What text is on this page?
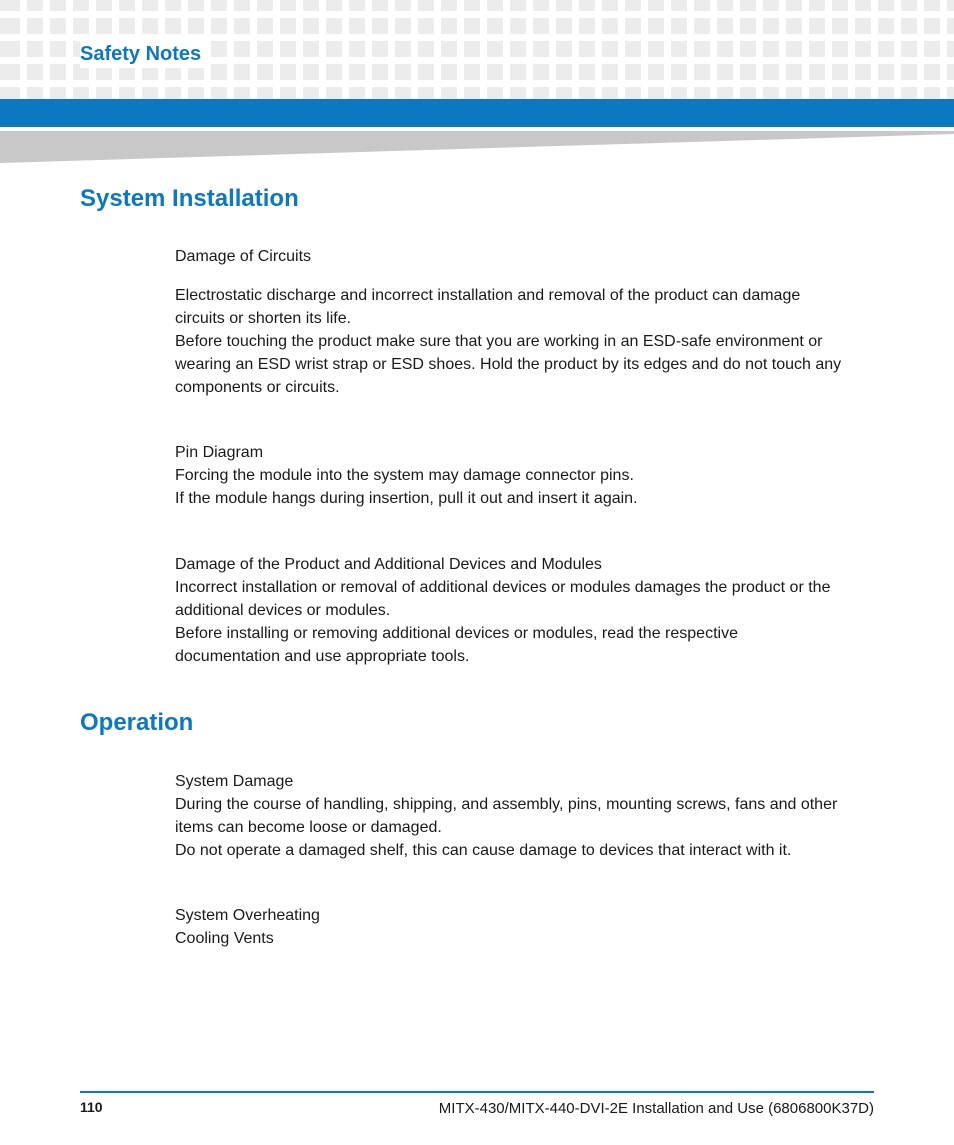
Safety Notes
System Installation

Damage of Circuits

Electrostatic discharge and incorrect installation and removal of the product can damage
circuits or shorten its life.
Before touching the product make sure that you are working in an ESD-safe environment or
wearing an ESD wrist strap or ESD shoes. Hold the product by its edges and do not touch any
components or circuits.
Pin Diagram
Forcing the module into the system may damage connector pins.
If the module hangs during insertion, pull it out and insert it again.
Damage of the Product and Additional Devices and Modules
Incorrect installation or removal of additional devices or modules damages the product or the
additional devices or modules.
Before installing or removing additional devices or modules, read the respective
documentation and use appropriate tools.
Operation
System Damage
During the course of handling, shipping, and assembly, pins, mounting screws, fans and other
items can become loose or damaged.
Do not operate a damaged shelf, this can cause damage to devices that interact with it.
System Overheating
Cooling Vents
110	MITX-430/MITX-440-DVI-2E Installation and Use (6806800K37D)
